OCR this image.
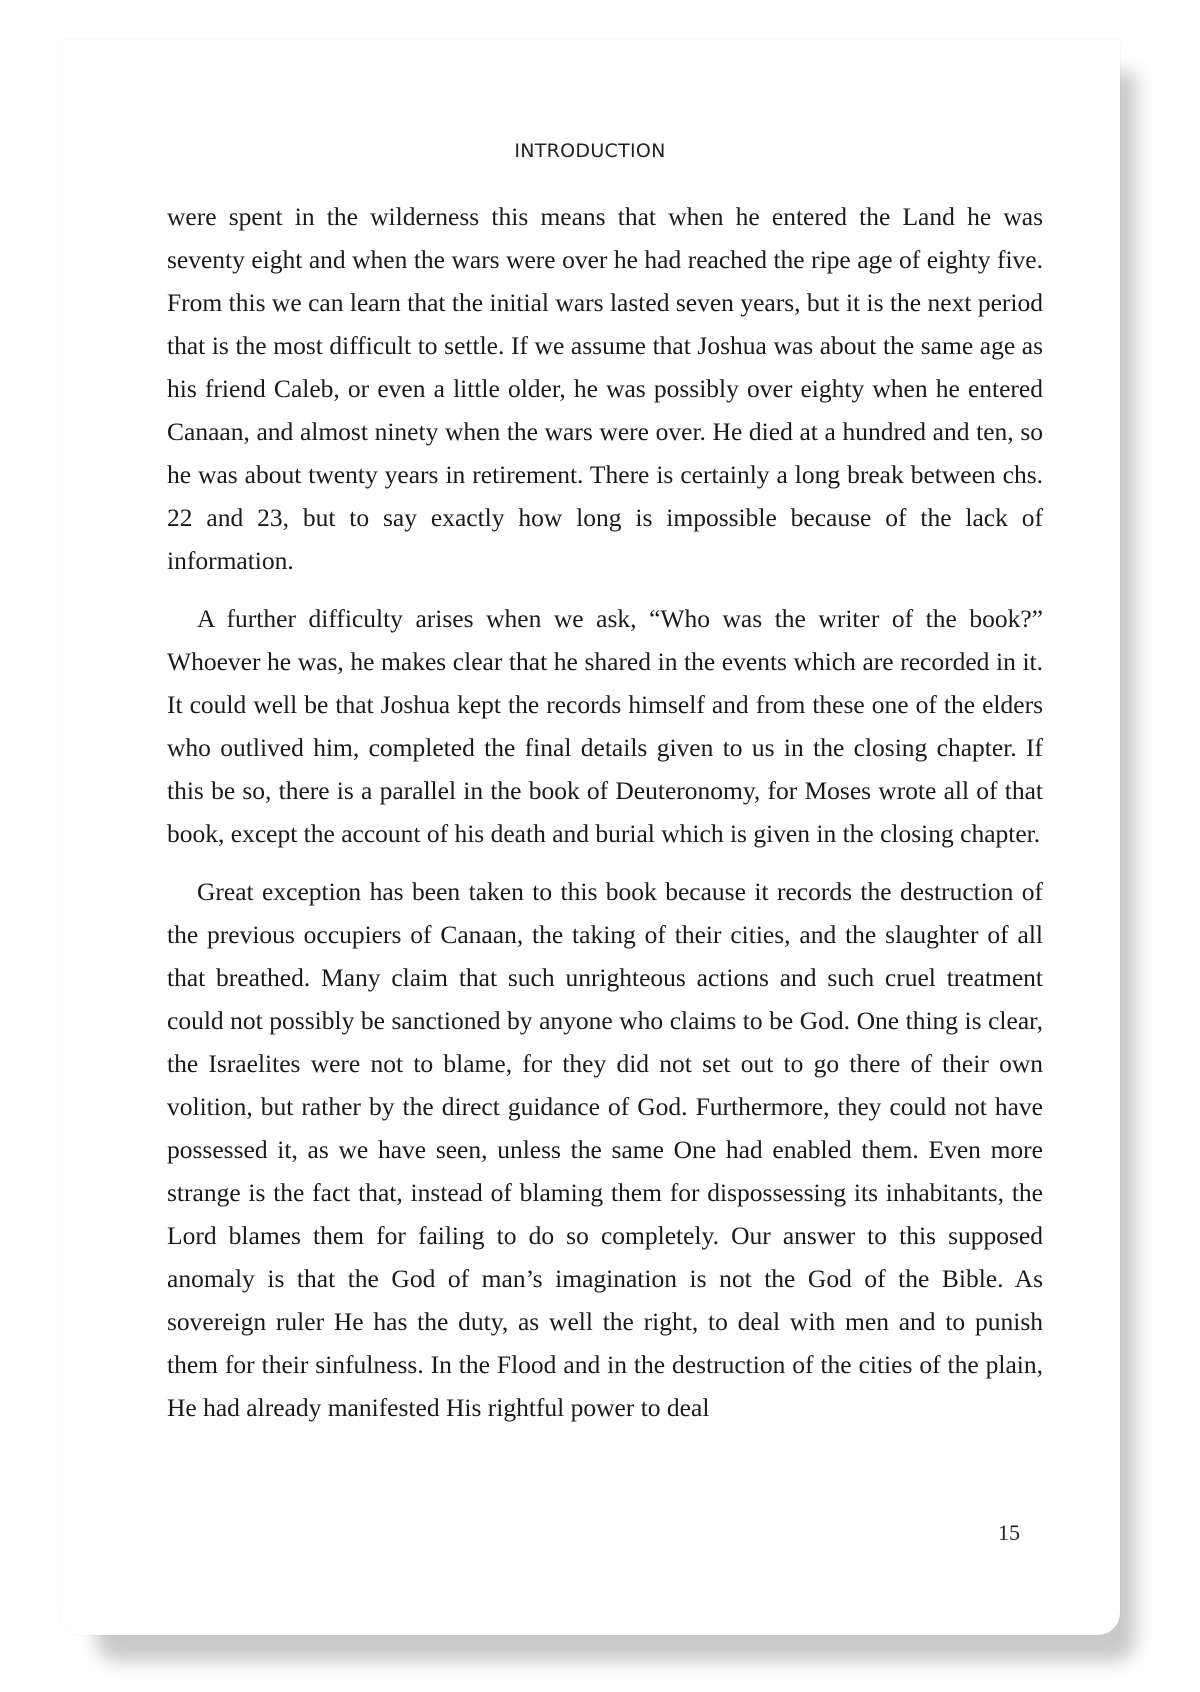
INTRODUCTION

were spent in the wilderness this means that when he entered the Land he was seventy eight and when the wars were over he had reached the ripe age of eighty five. From this we can learn that the initial wars lasted seven years, but it is the next period that is the most difficult to settle. If we assume that Joshua was about the same age as his friend Caleb, or even a little older, he was possibly over eighty when he entered Canaan, and almost ninety when the wars were over. He died at a hundred and ten, so he was about twenty years in retirement. There is certainly a long break between chs. 22 and 23, but to say exactly how long is impossible because of the lack of information.

A further difficulty arises when we ask, “Who was the writer of the book?” Whoever he was, he makes clear that he shared in the events which are recorded in it. It could well be that Joshua kept the records himself and from these one of the elders who outlived him, completed the final details given to us in the closing chapter. If this be so, there is a parallel in the book of Deuteronomy, for Moses wrote all of that book, except the account of his death and burial which is given in the closing chapter.

Great exception has been taken to this book because it records the destruction of the previous occupiers of Canaan, the taking of their cities, and the slaughter of all that breathed. Many claim that such unrighteous actions and such cruel treatment could not possibly be sanctioned by anyone who claims to be God. One thing is clear, the Israelites were not to blame, for they did not set out to go there of their own volition, but rather by the direct guidance of God. Furthermore, they could not have possessed it, as we have seen, unless the same One had enabled them. Even more strange is the fact that, instead of blaming them for dispossessing its inhabitants, the Lord blames them for failing to do so completely. Our answer to this supposed anomaly is that the God of man’s imagination is not the God of the Bible. As sovereign ruler He has the duty, as well the right, to deal with men and to punish them for their sinfulness. In the Flood and in the destruction of the cities of the plain, He had already manifested His rightful power to deal

15
